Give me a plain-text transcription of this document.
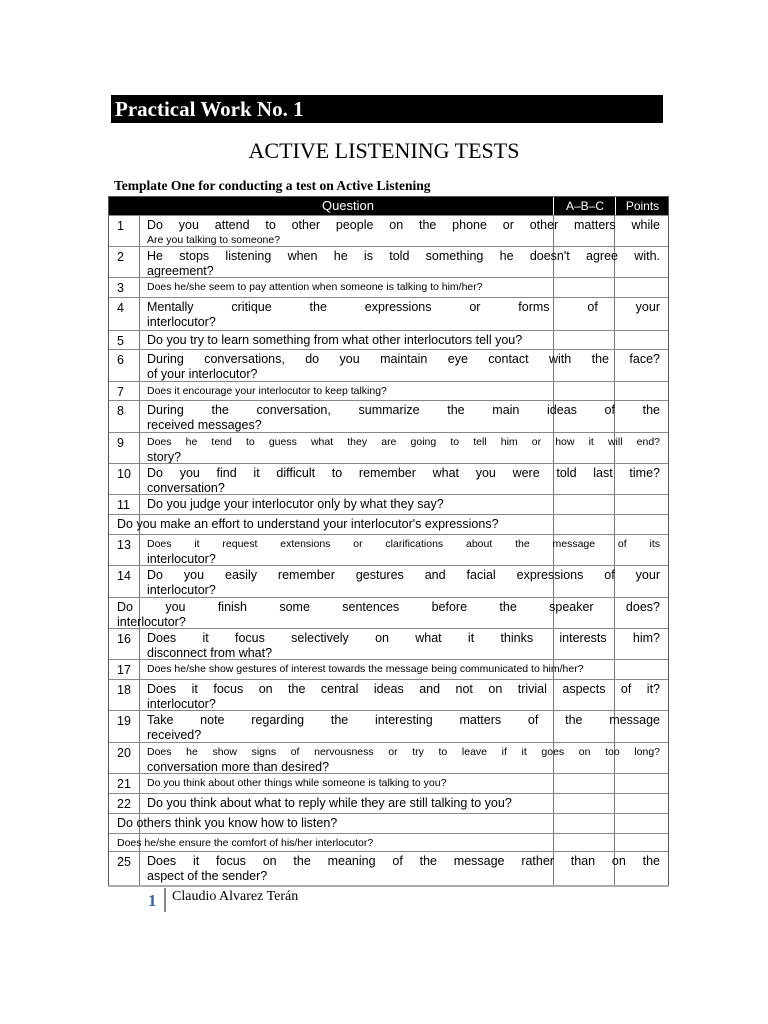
Practical Work No. 1
ACTIVE LISTENING TESTS
Template One for conducting a test on Active Listening
Question	A–B–C	Points
1	Do you attend to other people on the phone or other matters while
Are you talking to someone?
2	He stops listening when he is told something he doesn't agree with.
agreement?
3	Does he/she seem to pay attention when someone is talking to him/her?
4	Mentally critique the expressions or forms of your
interlocutor?
5	Do you try to learn something from what other interlocutors tell you?
6	During conversations, do you maintain eye contact with the face?
of your interlocutor?
7	Does it encourage your interlocutor to keep talking?
8	During the conversation, summarize the main ideas of the
received messages?
9	Does he tend to guess what they are going to tell him or how it will end?
story?
10	Do you find it difficult to remember what you were told last time?
conversation?
11	Do you judge your interlocutor only by what they say?
Do you make an effort to understand your interlocutor's expressions?
13	Does it request extensions or clarifications about the message of its
interlocutor?
14	Do you easily remember gestures and facial expressions of your
interlocutor?
Do you finish some sentences before the speaker does?
interlocutor?
16	Does it focus selectively on what it thinks interests him?
disconnect from what?
17	Does he/she show gestures of interest towards the message being communicated to him/her?
18	Does it focus on the central ideas and not on trivial aspects of it?
interlocutor?
19	Take note regarding the interesting matters of the message
received?
20	Does he show signs of nervousness or try to leave if it goes on too long?
conversation more than desired?
21	Do you think about other things while someone is talking to you?
22	Do you think about what to reply while they are still talking to you?
Do others think you know how to listen?
Does he/she ensure the comfort of his/her interlocutor?
25	Does it focus on the meaning of the message rather than on the
aspect of the sender?
1 Claudio Alvarez Terán
